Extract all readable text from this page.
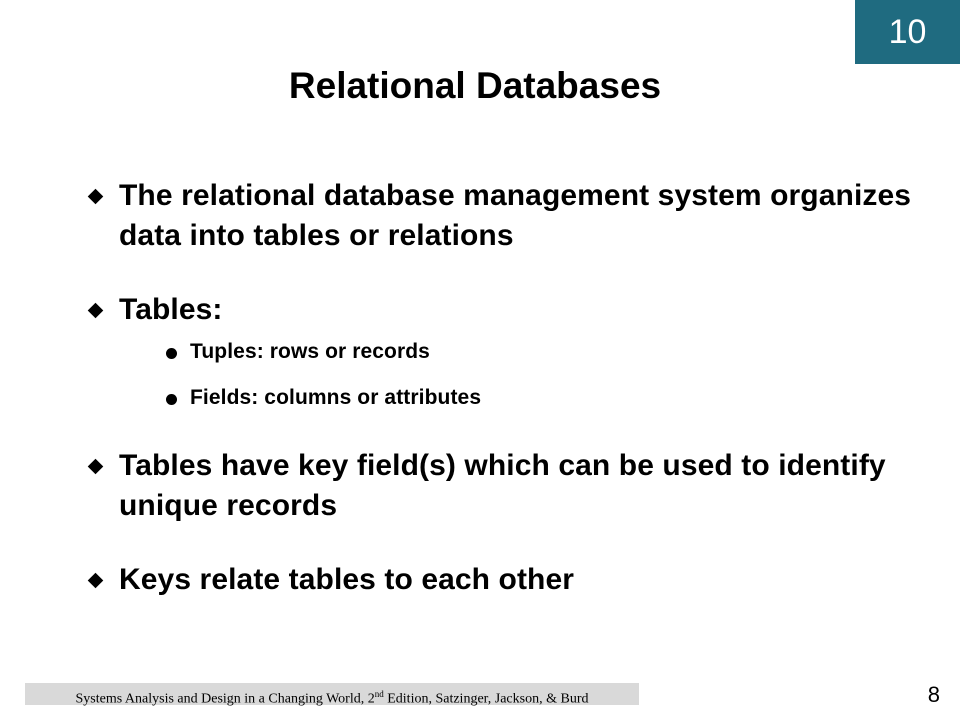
10
Relational Databases
The relational database management system organizes data into tables or relations
Tables:
Tuples: rows or records
Fields: columns or attributes
Tables have key field(s) which can be used to identify unique records
Keys relate tables to each other
Systems Analysis and Design in a Changing World, 2nd Edition, Satzinger, Jackson, & Burd	8
